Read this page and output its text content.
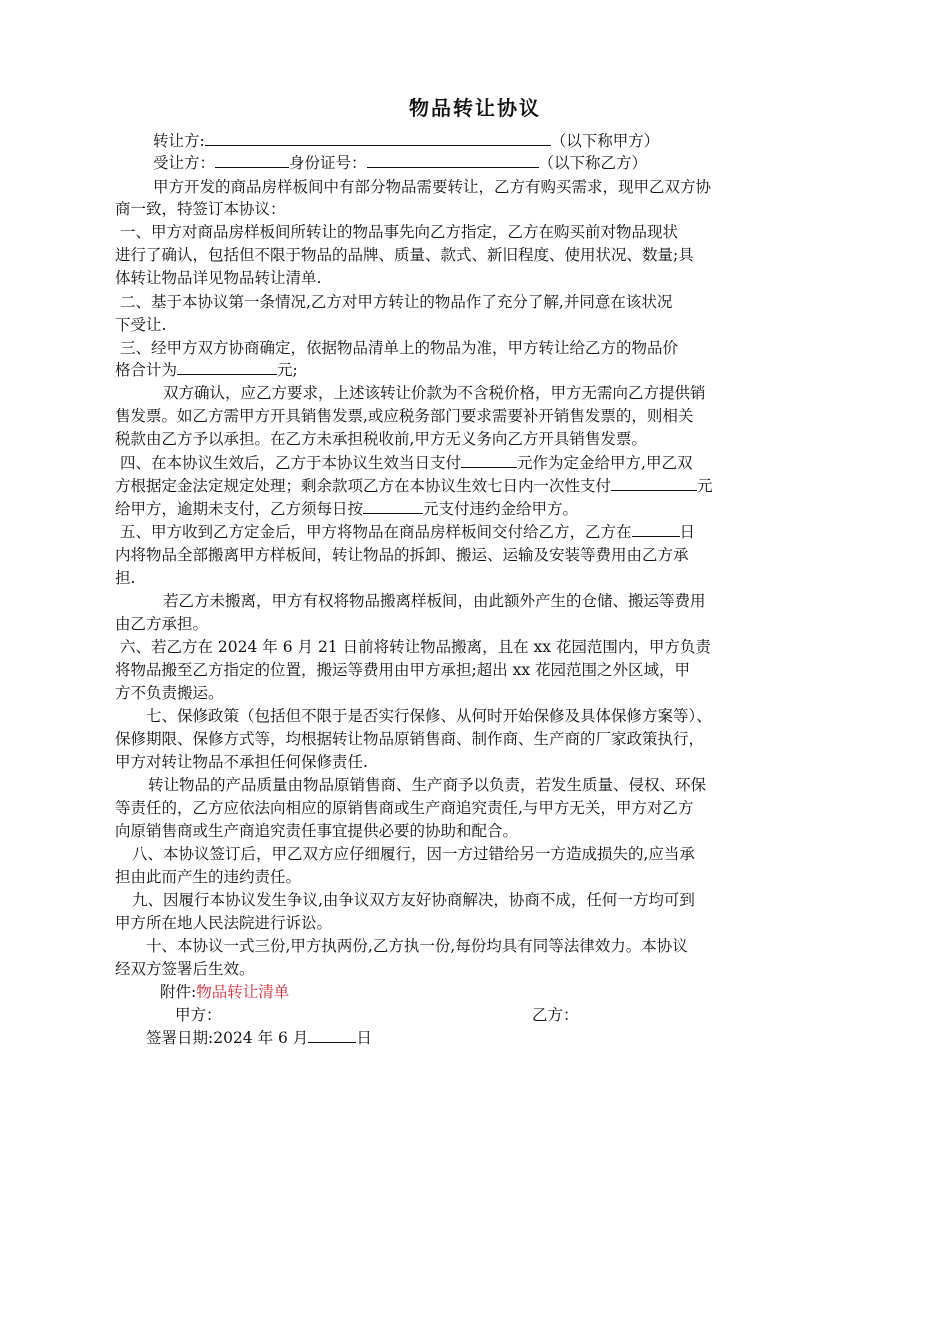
物品转让协议
转让方:	（以下称甲方）
受让方：	身份证号：	（以下称乙方）
甲方开发的商品房样板间中有部分物品需要转让，乙方有购买需求，现甲乙双方协
商一致，特签订本协议：
一、甲方对商品房样板间所转让的物品事先向乙方指定，乙方在购买前对物品现状
进行了确认，包括但不限于物品的品牌、质量、款式、新旧程度、使用状况、数量;具
体转让物品详见物品转让清单.
二、基于本协议第一条情况,乙方对甲方转让的物品作了充分了解,并同意在该状况
下受让.
三、经甲方双方协商确定，依据物品清单上的物品为准，甲方转让给乙方的物品价
格合计为	元;
双方确认，应乙方要求，上述该转让价款为不含税价格，甲方无需向乙方提供销
售发票。如乙方需甲方开具销售发票,或应税务部门要求需要补开销售发票的，则相关
税款由乙方予以承担。在乙方未承担税收前,甲方无义务向乙方开具销售发票。
四、在本协议生效后，乙方于本协议生效当日支付	元作为定金给甲方,甲乙双
方根据定金法定规定处理；剩余款项乙方在本协议生效七日内一次性支付	元
给甲方，逾期未支付，乙方须每日按	元支付违约金给甲方。
五、甲方收到乙方定金后，甲方将物品在商品房样板间交付给乙方，乙方在	日
内将物品全部搬离甲方样板间，转让物品的拆卸、搬运、运输及安装等费用由乙方承
担.
若乙方未搬离，甲方有权将物品搬离样板间，由此额外产生的仓储、搬运等费用
由乙方承担。
六、若乙方在 2024 年 6 月 21 日前将转让物品搬离，且在 xx 花园范围内，甲方负责
将物品搬至乙方指定的位置，搬运等费用由甲方承担;超出 xx 花园范围之外区域，甲
方不负责搬运。
七、保修政策（包括但不限于是否实行保修、从何时开始保修及具体保修方案等）、
保修期限、保修方式等，均根据转让物品原销售商、制作商、生产商的厂家政策执行，
甲方对转让物品不承担任何保修责任.
转让物品的产品质量由物品原销售商、生产商予以负责，若发生质量、侵权、环保
等责任的，乙方应依法向相应的原销售商或生产商追究责任,与甲方无关，甲方对乙方
向原销售商或生产商追究责任事宜提供必要的协助和配合。
八、本协议签订后，甲乙双方应仔细履行，因一方过错给另一方造成损失的,应当承
担由此而产生的违约责任。
九、因履行本协议发生争议,由争议双方友好协商解决，协商不成，任何一方均可到
甲方所在地人民法院进行诉讼。
十、本协议一式三份,甲方执两份,乙方执一份,每份均具有同等法律效力。本协议
经双方签署后生效。
附件:物品转让清单
甲方：	乙方：
签署日期:2024 年 6 月	日
